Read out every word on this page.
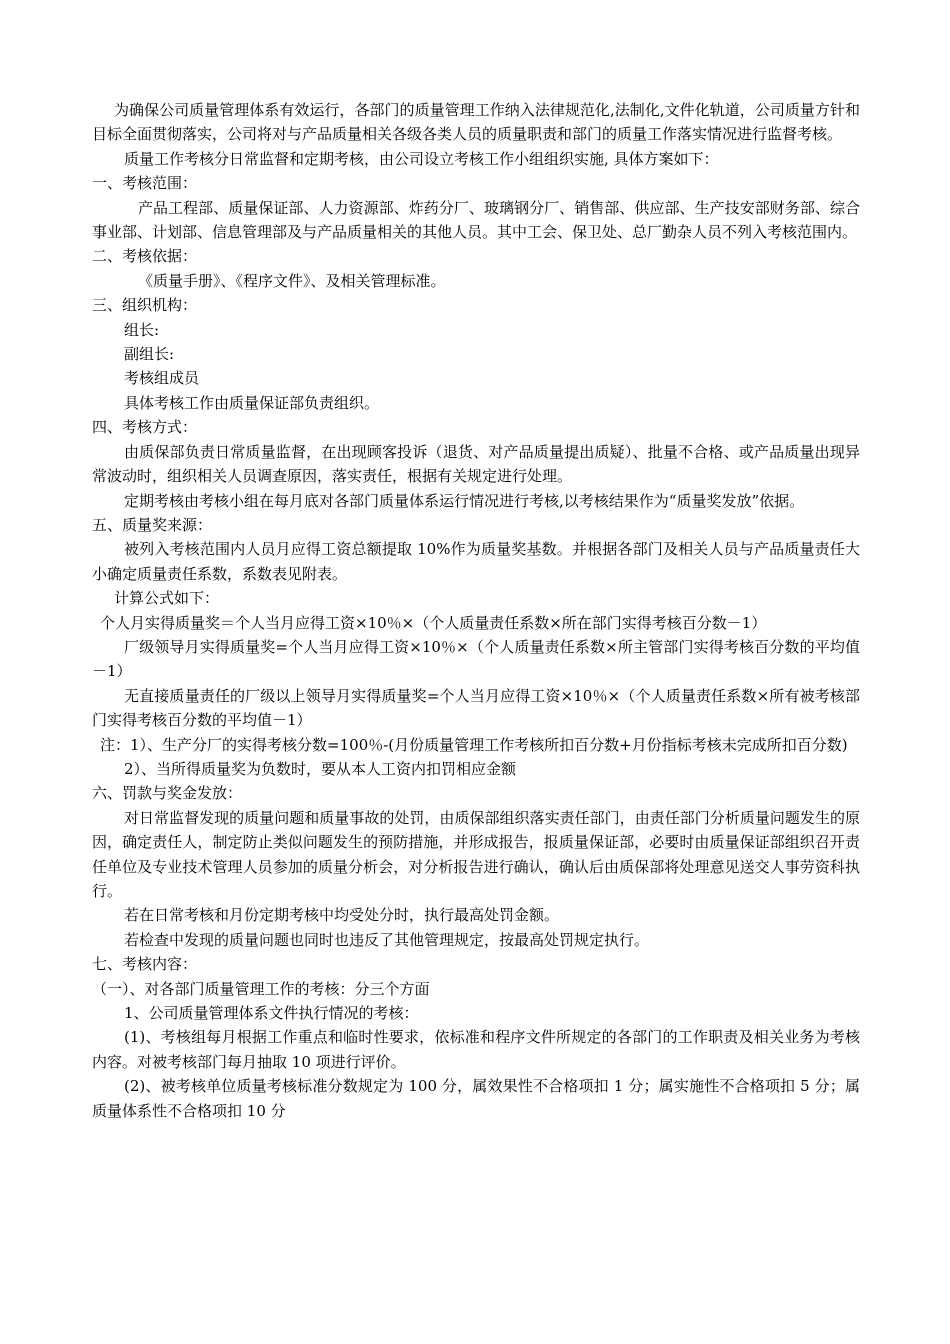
为确保公司质量管理体系有效运行，各部门的质量管理工作纳入法律规范化,法制化,文件化轨道，公司质量方针和目标全面贯彻落实，公司将对与产品质量相关各级各类人员的质量职责和部门的质量工作落实情况进行监督考核。

质量工作考核分日常监督和定期考核，由公司设立考核工作小组组织实施, 具体方案如下：

一、考核范围：

产品工程部、质量保证部、人力资源部、炸药分厂、玻璃钢分厂、销售部、供应部、生产技安部财务部、综合事业部、计划部、信息管理部及与产品质量相关的其他人员。其中工会、保卫处、总厂勤杂人员不列入考核范围内。

二、考核依据：

《质量手册》、《程序文件》、及相关管理标准。

三、组织机构：

组长:

副组长:

考核组成员

具体考核工作由质量保证部负责组织。

四、考核方式：

由质保部负责日常质量监督，在出现顾客投诉（退货、对产品质量提出质疑）、批量不合格、或产品质量出现异常波动时，组织相关人员调查原因，落实责任，根据有关规定进行处理。

定期考核由考核小组在每月底对各部门质量体系运行情况进行考核,以考核结果作为“质量奖发放”依据。

五、质量奖来源：

被列入考核范围内人员月应得工资总额提取 10%作为质量奖基数。并根据各部门及相关人员与产品质量责任大小确定质量责任系数，系数表见附表。

计算公式如下：

个人月实得质量奖＝个人当月应得工资×10％×（个人质量责任系数×所在部门实得考核百分数－1）

厂级领导月实得质量奖=个人当月应得工资×10％×（个人质量责任系数×所主管部门实得考核百分数的平均值－1）

无直接质量责任的厂级以上领导月实得质量奖=个人当月应得工资×10％×（个人质量责任系数×所有被考核部门实得考核百分数的平均值－1）

注：1）、生产分厂的实得考核分数=100％-(月份质量管理工作考核所扣百分数+月份指标考核未完成所扣百分数)

2）、当所得质量奖为负数时，要从本人工资内扣罚相应金额

六、罚款与奖金发放：

对日常监督发现的质量问题和质量事故的处罚，由质保部组织落实责任部门，由责任部门分析质量问题发生的原因，确定责任人，制定防止类似问题发生的预防措施，并形成报告，报质量保证部，必要时由质量保证部组织召开责任单位及专业技术管理人员参加的质量分析会，对分析报告进行确认，确认后由质保部将处理意见送交人事劳资科执行。

若在日常考核和月份定期考核中均受处分时，执行最高处罚金额。

若检查中发现的质量问题也同时也违反了其他管理规定，按最高处罚规定执行。

七、考核内容：

（一）、对各部门质量管理工作的考核：分三个方面

1、公司质量管理体系文件执行情况的考核：

(1)、考核组每月根据工作重点和临时性要求，依标准和程序文件所规定的各部门的工作职责及相关业务为考核内容。对被考核部门每月抽取 10 项进行评价。

(2)、被考核单位质量考核标准分数规定为 100 分，属效果性不合格项扣 1 分；属实施性不合格项扣 5 分；属质量体系性不合格项扣 10 分
